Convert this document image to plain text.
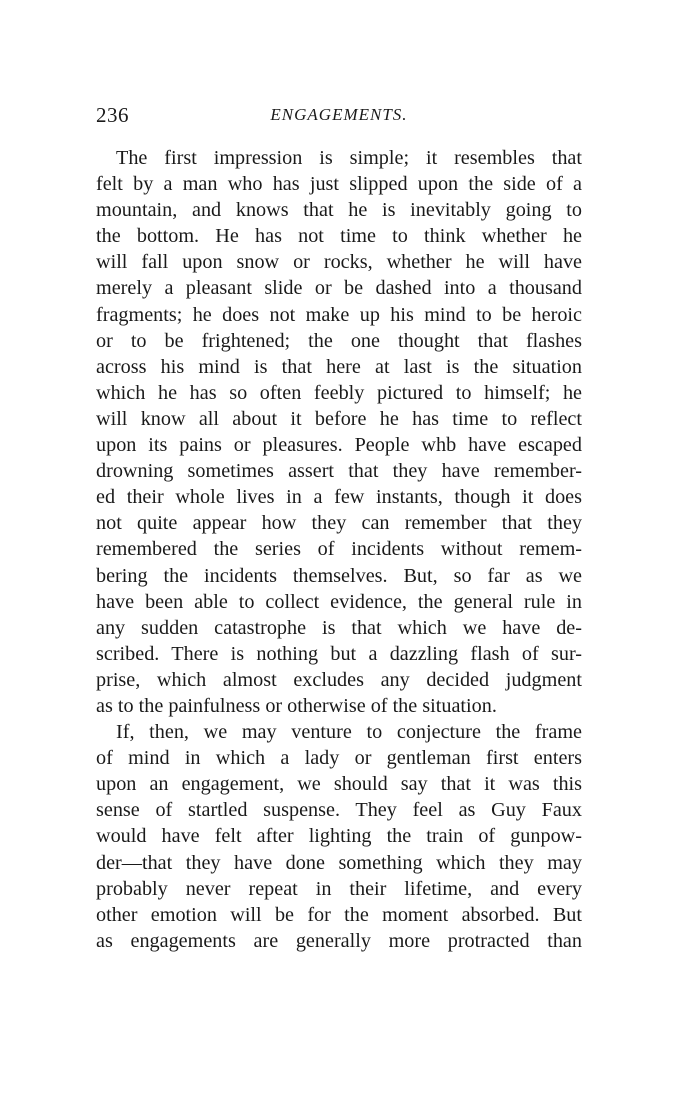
236	ENGAGEMENTS.
The first impression is simple; it resembles that
felt by a man who has just slipped upon the side of a
mountain, and knows that he is inevitably going to
the bottom. He has not time to think whether he
will fall upon snow or rocks, whether he will have
merely a pleasant slide or be dashed into a thousand
fragments; he does not make up his mind to be heroic
or to be frightened; the one thought that flashes
across his mind is that here at last is the situation
which he has so often feebly pictured to himself; he
will know all about it before he has time to reflect
upon its pains or pleasures. People whb have escaped
drowning sometimes assert that they have remember-
ed their whole lives in a few instants, though it does
not quite appear how they can remember that they
remembered the series of incidents without remem-
bering the incidents themselves. But, so far as we
have been able to collect evidence, the general rule in
any sudden catastrophe is that which we have de-
scribed. There is nothing but a dazzling flash of sur-
prise, which almost excludes any decided judgment
as to the painfulness or otherwise of the situation.
If, then, we may venture to conjecture the frame
of mind in which a lady or gentleman first enters
upon an engagement, we should say that it was this
sense of startled suspense. They feel as Guy Faux
would have felt after lighting the train of gunpow-
der—that they have done something which they may
probably never repeat in their lifetime, and every
other emotion will be for the moment absorbed. But
as engagements are generally more protracted than
